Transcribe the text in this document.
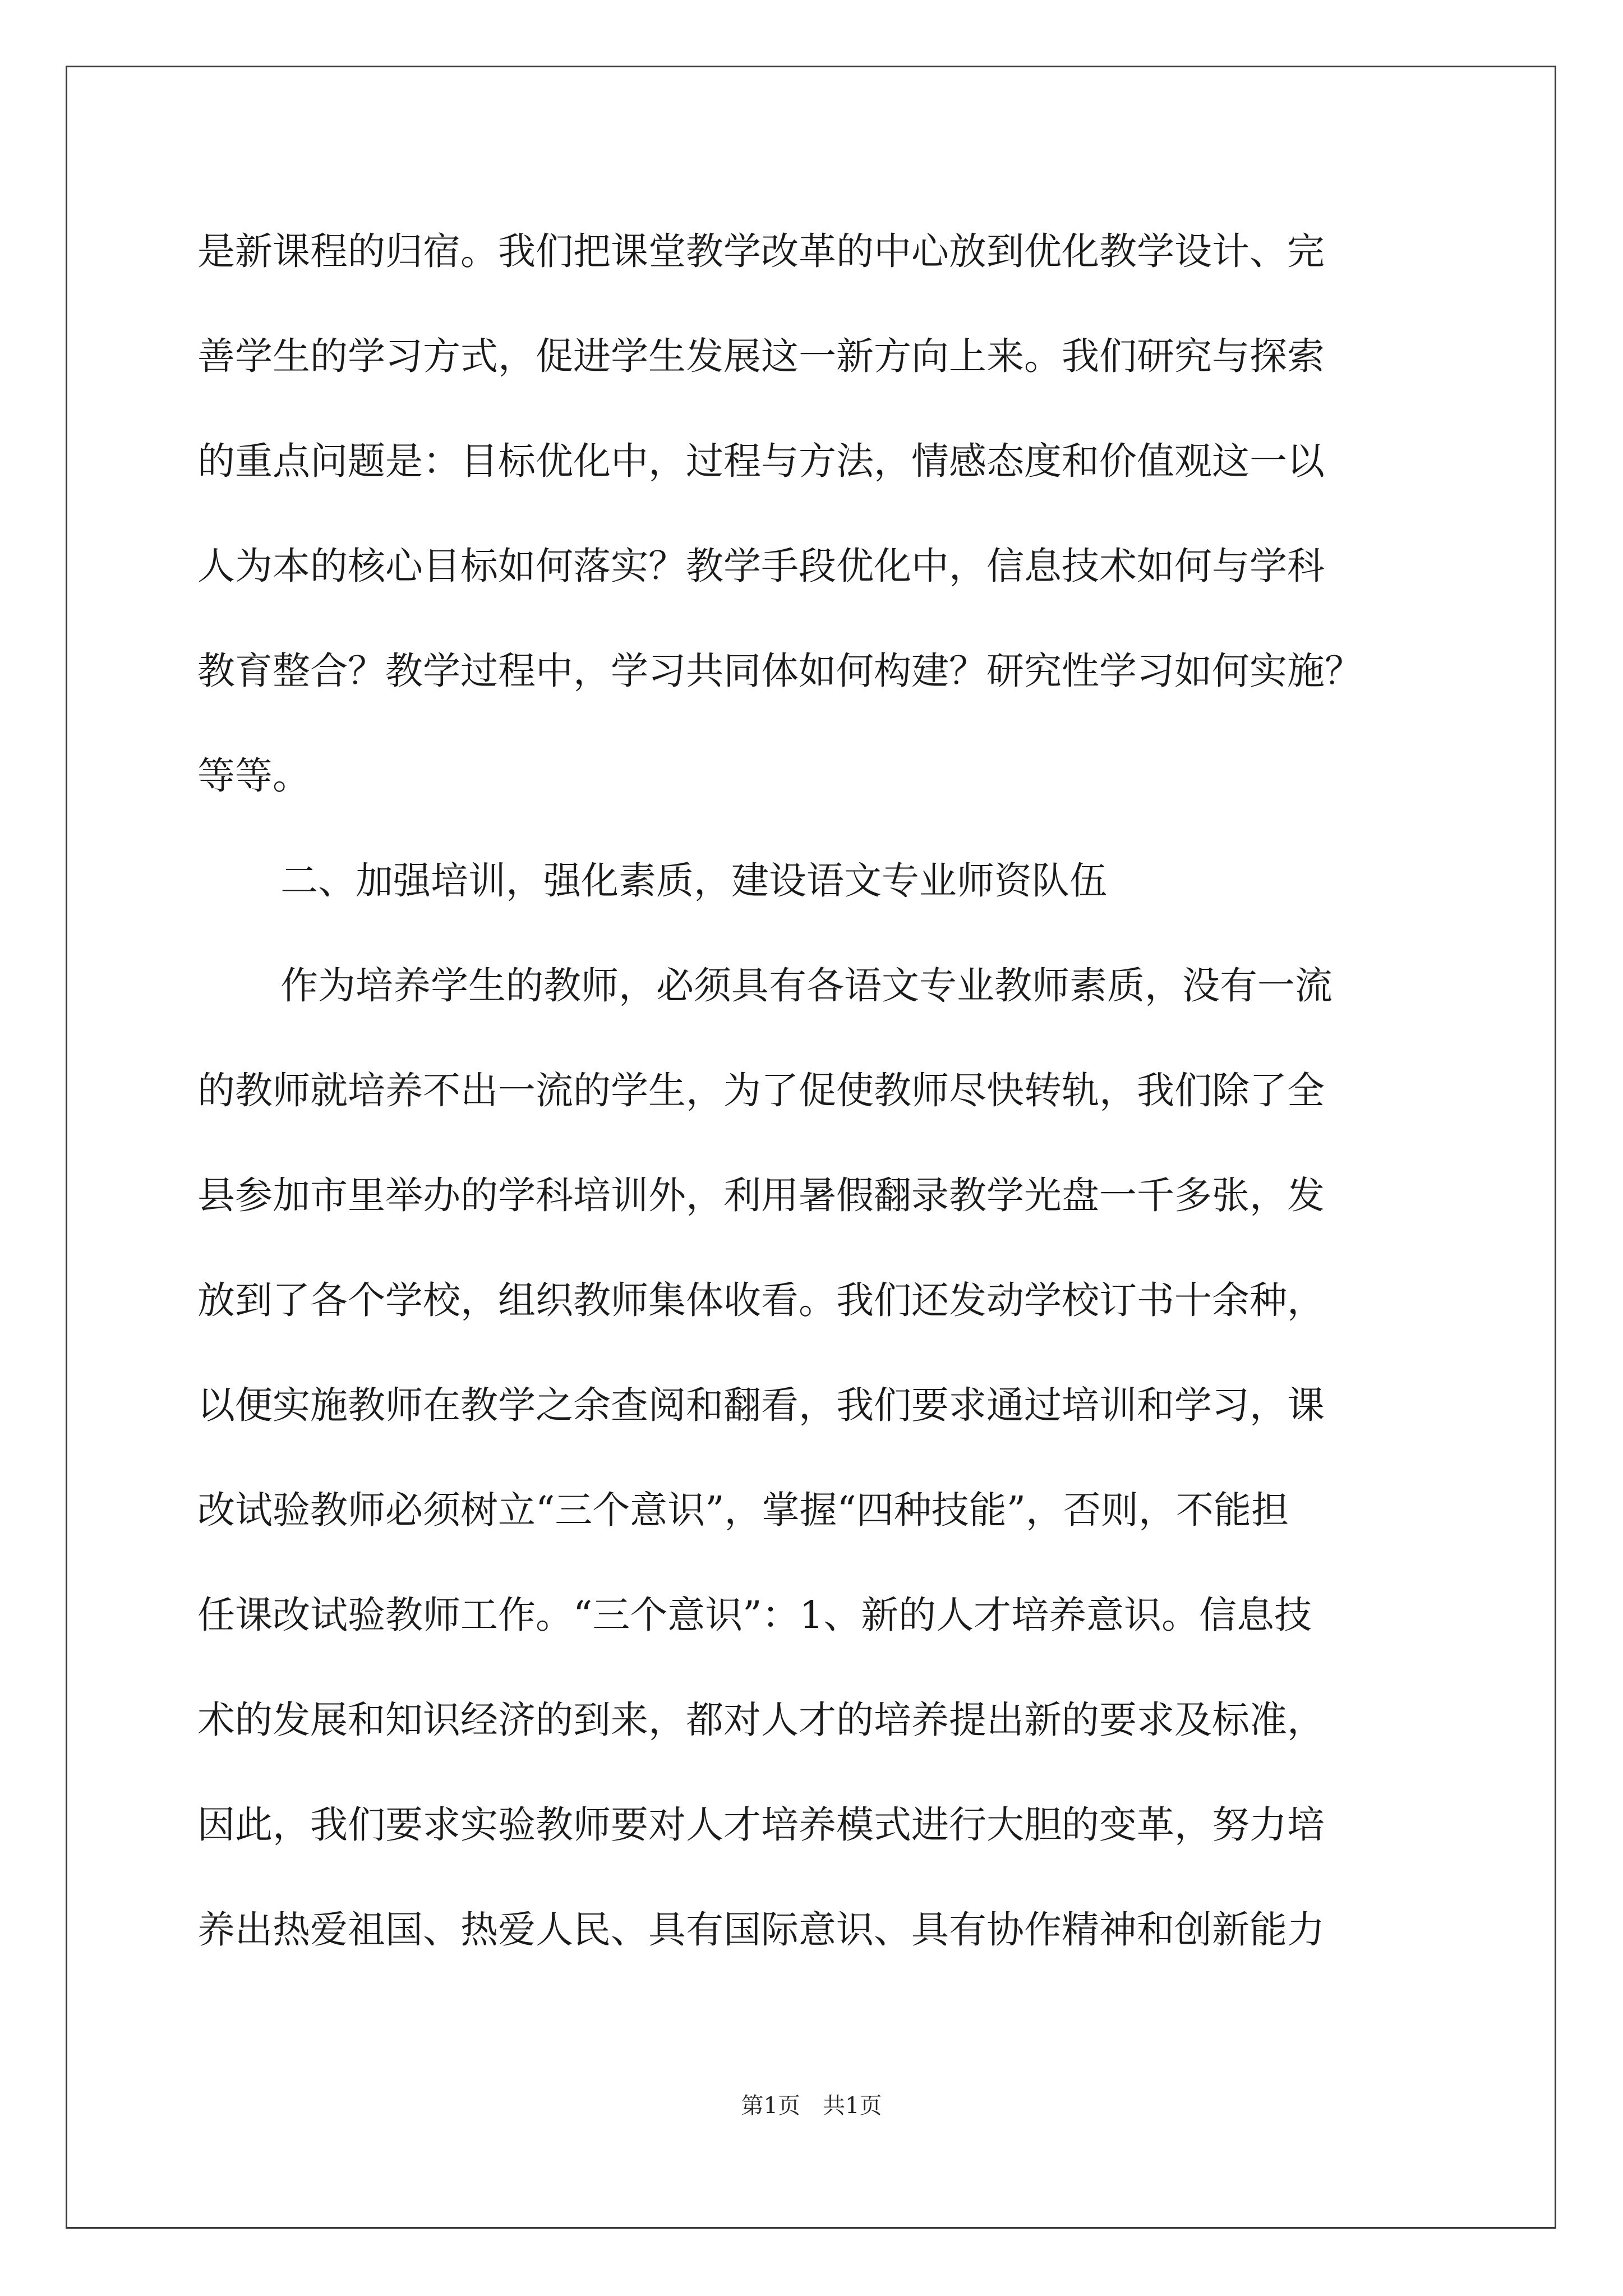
是新课程的归宿。我们把课堂教学改革的中心放到优化教学设计、完
善学生的学习方式，促进学生发展这一新方向上来。我们研究与探索
的重点问题是：目标优化中，过程与方法，情感态度和价值观这一以
人为本的核心目标如何落实？教学手段优化中，信息技术如何与学科
教育整合？教学过程中，学习共同体如何构建？研究性学习如何实施？
等等。
二、加强培训，强化素质，建设语文专业师资队伍
作为培养学生的教师，必须具有各语文专业教师素质，没有一流
的教师就培养不出一流的学生，为了促使教师尽快转轨，我们除了全
县参加市里举办的学科培训外，利用暑假翻录教学光盘一千多张，发
放到了各个学校，组织教师集体收看。我们还发动学校订书十余种，
以便实施教师在教学之余查阅和翻看，我们要求通过培训和学习，课
改试验教师必须树立“三个意识”，掌握“四种技能”，否则，不能担
任课改试验教师工作。“三个意识”：1、新的人才培养意识。信息技
术的发展和知识经济的到来，都对人才的培养提出新的要求及标准，
因此，我们要求实验教师要对人才培养模式进行大胆的变革，努力培
养出热爱祖国、热爱人民、具有国际意识、具有协作精神和创新能力
第1页　共1页
